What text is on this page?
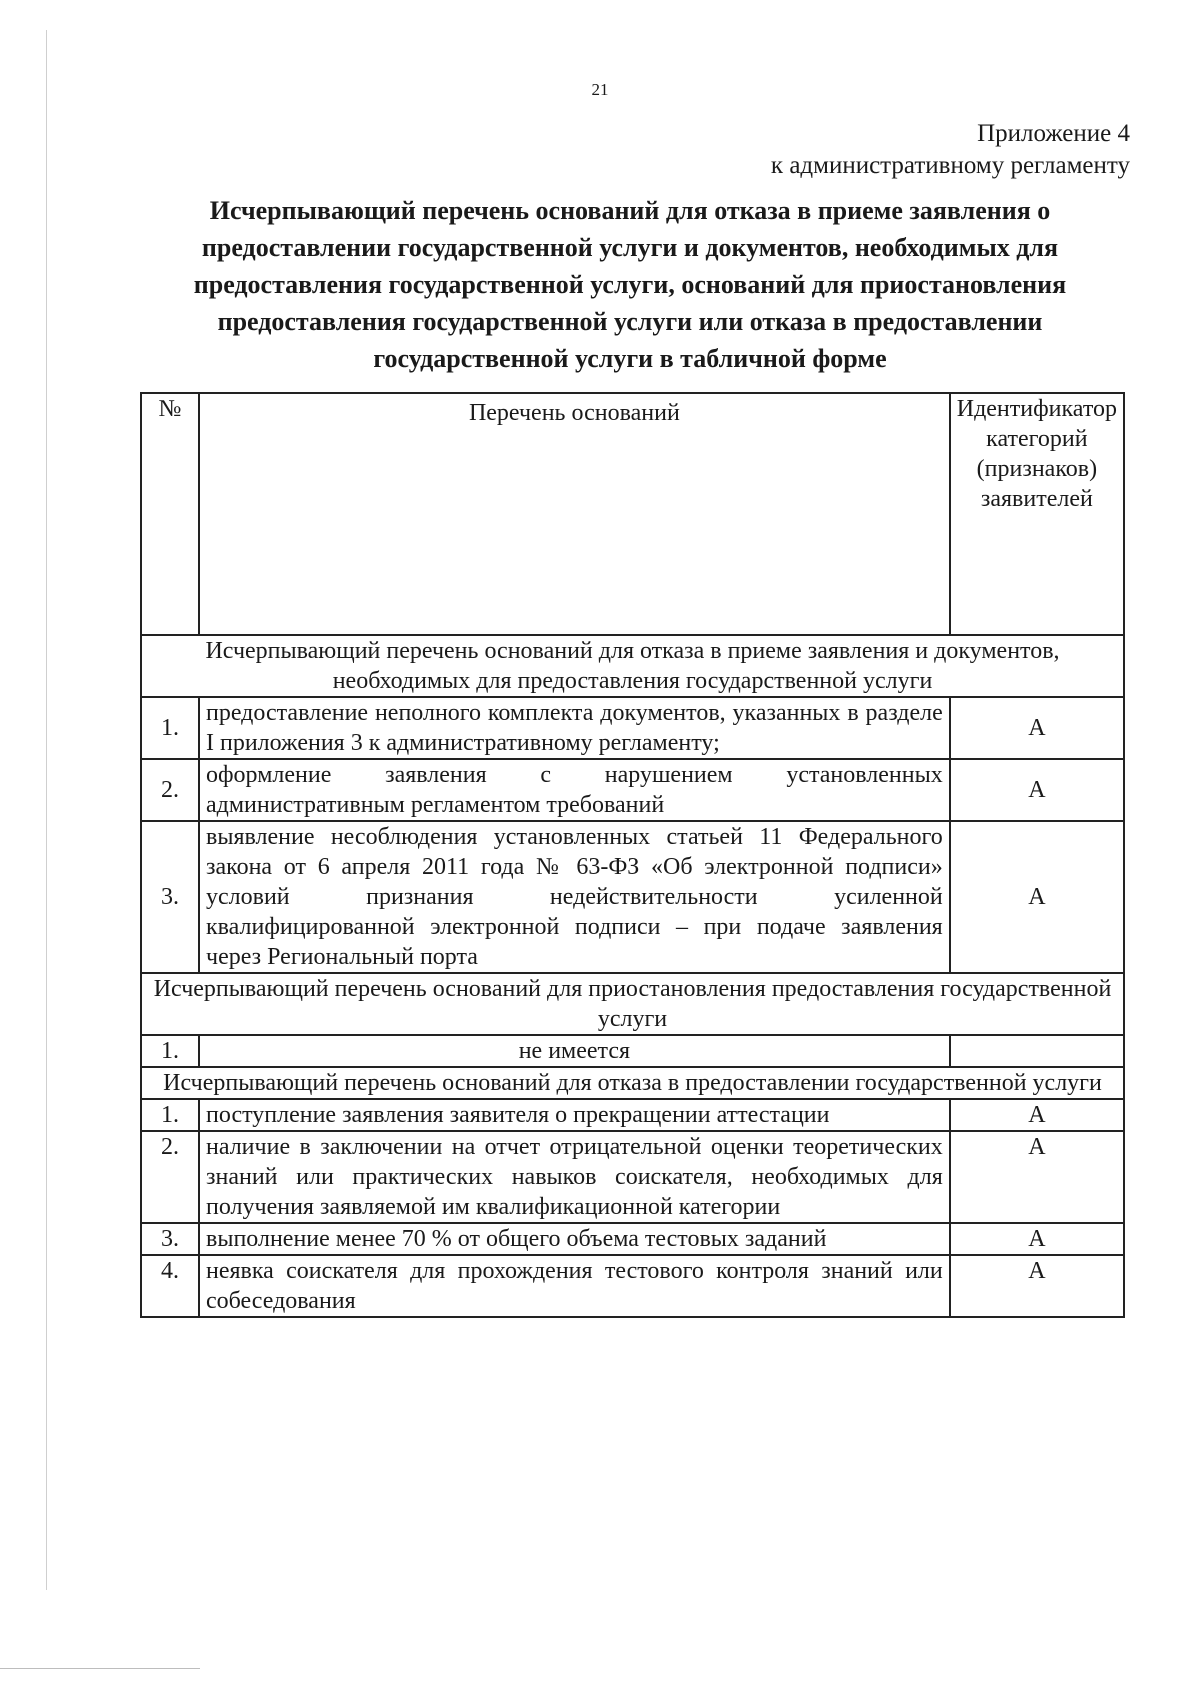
21
Приложение 4
к административному регламенту
Исчерпывающий перечень оснований для отказа в приеме заявления о предоставлении государственной услуги и документов, необходимых для предоставления государственной услуги, оснований для приостановления предоставления государственной услуги или отказа в предоставлении государственной услуги в табличной форме
№	Перечень оснований	Идентификатор категорий (признаков) заявителей
Исчерпывающий перечень оснований для отказа в приеме заявления и документов, необходимых для предоставления государственной услуги		
1.	предоставление неполного комплекта документов, указанных в разделе I приложения 3 к административному регламенту;	А
2.	оформление заявления с нарушением установленных административным регламентом требований	А
3.	выявление несоблюдения установленных статьей 11 Федерального закона от 6 апреля 2011 года № 63-ФЗ «Об электронной подписи» условий признания недействительности усиленной квалифицированной электронной подписи – при подаче заявления через Региональный порта	А
Исчерпывающий перечень оснований для приостановления предоставления государственной услуги		
1.	не имеется	
Исчерпывающий перечень оснований для отказа в предоставлении государственной услуги		
1.	поступление заявления заявителя о прекращении аттестации	А
2.	наличие в заключении на отчет отрицательной оценки теоретических знаний или практических навыков соискателя, необходимых для получения заявляемой им квалификационной категории	А
3.	выполнение менее 70 % от общего объема тестовых заданий	А
4.	неявка соискателя для прохождения тестового контроля знаний или собеседования	А
